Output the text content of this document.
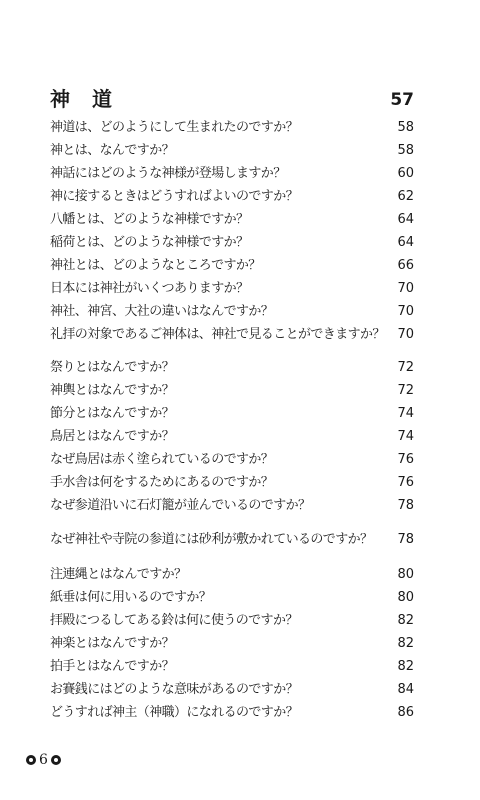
神道	57
神道は、どのようにして生まれたのですか？	58
神とは、なんですか？	58
神話にはどのような神様が登場しますか？	60
神に接するときはどうすればよいのですか？	62
八幡とは、どのような神様ですか？	64
稲荷とは、どのような神様ですか？	64
神社とは、どのようなところですか？	66
日本には神社がいくつありますか？	70
神社、神宮、大社の違いはなんですか？	70
礼拝の対象であるご神体は、神社で見ることができますか？ 70
祭りとはなんですか？	72
神輿とはなんですか？	72
節分とはなんですか？	74
鳥居とはなんですか？	74
なぜ鳥居は赤く塗られているのですか？	76
手水舎は何をするためにあるのですか？	76
なぜ参道沿いに石灯籠が並んでいるのですか？	78
なぜ神社や寺院の参道には砂利が敷かれているのですか？ 78
注連縄とはなんですか？	80
紙垂は何に用いるのですか？	80
拝殿につるしてある鈴は何に使うのですか？	82
神楽とはなんですか？	82
拍手とはなんですか？	82
お賽銭にはどのような意味があるのですか？	84
どうすれば神主（神職）になれるのですか？	86
6
